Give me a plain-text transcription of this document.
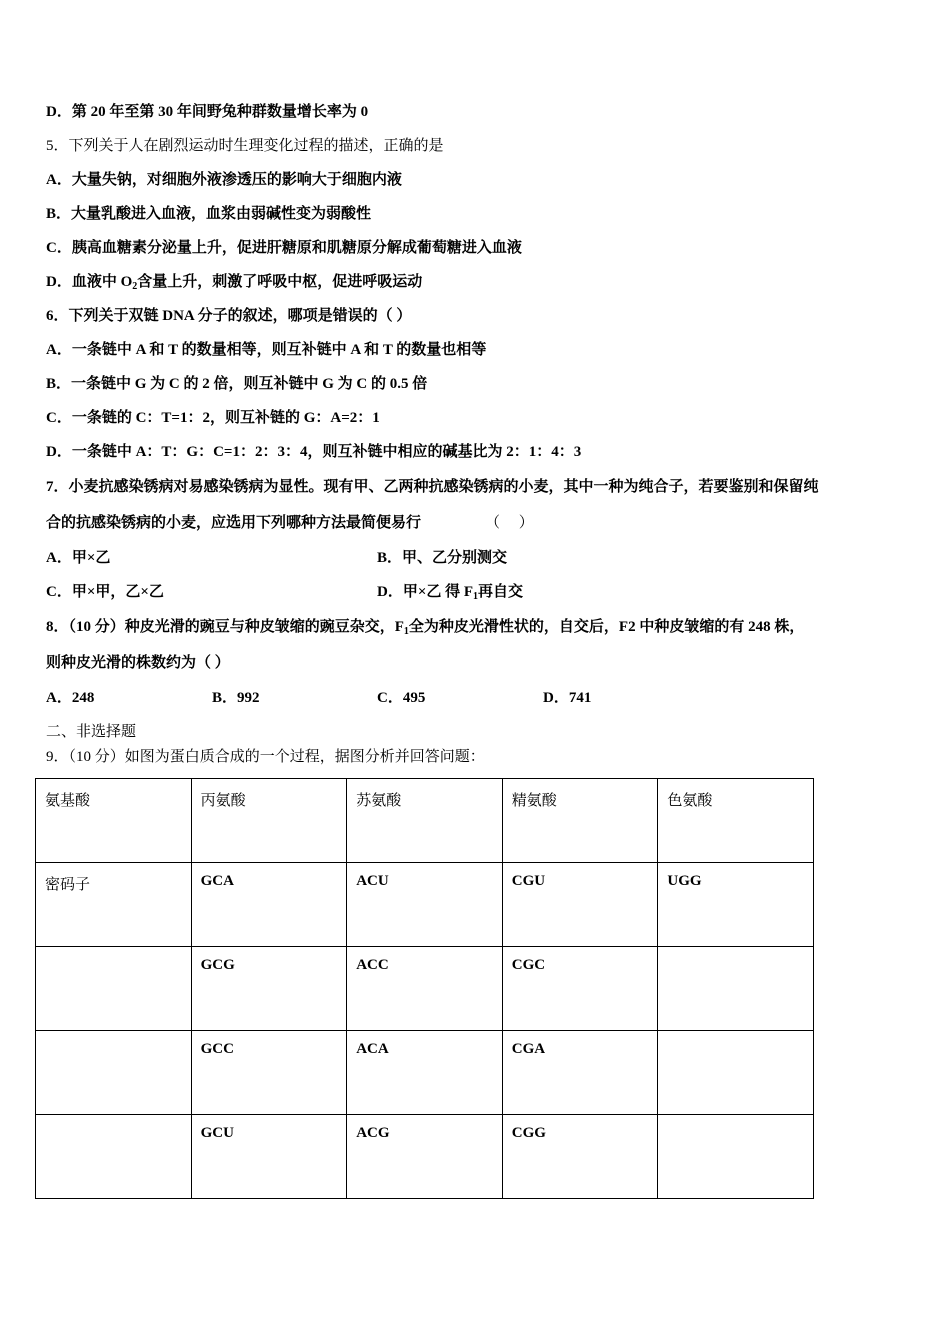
D．第 20 年至第 30 年间野兔种群数量增长率为 0
5．下列关于人在剧烈运动时生理变化过程的描述，正确的是
A．大量失钠，对细胞外液渗透压的影响大于细胞内液
B．大量乳酸进入血液，血浆由弱碱性变为弱酸性
C．胰高血糖素分泌量上升，促进肝糖原和肌糖原分解成葡萄糖进入血液
D．血液中 $O_2$含量上升，刺激了呼吸中枢，促进呼吸运动
6．下列关于双链 DNA 分子的叙述，哪项是错误的（ ）
A．一条链中 A 和 T 的数量相等，则互补链中 A 和 T 的数量也相等
B．一条链中 G 为 C 的 2 倍，则互补链中 G 为 C 的 0.5 倍
C．一条链的 C：T=1：2，则互补链的 G：A=2：1
D．一条链中 A：T：G：C=1：2：3：4，则互补链中相应的碱基比为 2：1：4：3
7．小麦抗感染锈病对易感染锈病为显性。现有甲、乙两种抗感染锈病的小麦，其中一种为纯合子，若要鉴别和保留纯
合的抗感染锈病的小麦，应选用下列哪种方法最简便易行	（　 ）
A．甲×乙	B．甲、乙分别测交
C．甲×甲，乙×乙	D．甲×乙 得 $F_1$再自交
8．（10 分）种皮光滑的豌豆与种皮皱缩的豌豆杂交，$F_1$全为种皮光滑性状的，自交后，F2 中种皮皱缩的有 248 株，
则种皮光滑的株数约为（ ）
A．248	B．992	C．495	D．741
二、非选择题
9．（10 分）如图为蛋白质合成的一个过程，据图分析并回答问题：
氨基酸	丙氨酸	苏氨酸	精氨酸	色氨酸
密码子	GCA	ACU	CGU	UGG
	GCG	ACC	CGC	
	GCC	ACA	CGA	
	GCU	ACG	CGG	
